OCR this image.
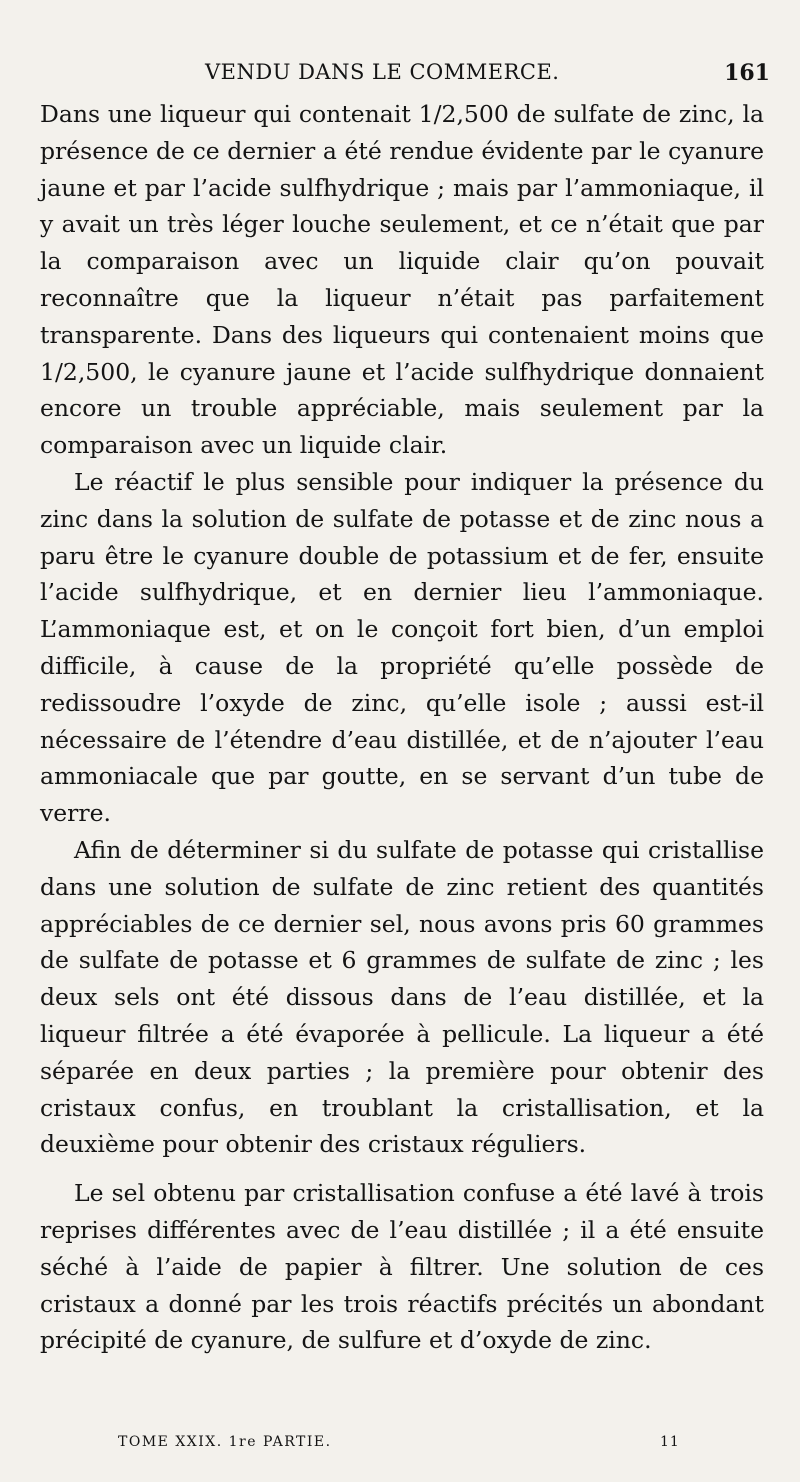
VENDU DANS LE COMMERCE.	161

Dans une liqueur qui contenait 1/2,500 de sulfate de zinc, la présence de ce dernier a été rendue évidente par le cyanure jaune et par l’acide sulfhydrique ; mais par l’ammoniaque, il y avait un très léger louche seulement, et ce n’était que par la comparaison avec un liquide clair qu’on pouvait reconnaître que la liqueur n’était pas parfaitement transparente. Dans des liqueurs qui contenaient moins que 1/2,500, le cyanure jaune et l’acide sulfhydrique donnaient encore un trouble appréciable, mais seulement par la comparaison avec un liquide clair.

Le réactif le plus sensible pour indiquer la présence du zinc dans la solution de sulfate de potasse et de zinc nous a paru être le cyanure double de potassium et de fer, ensuite l’acide sulfhydrique, et en dernier lieu l’ammoniaque. L’ammoniaque est, et on le conçoit fort bien, d’un emploi difficile, à cause de la propriété qu’elle possède de redissoudre l’oxyde de zinc, qu’elle isole ; aussi est-il nécessaire de l’étendre d’eau distillée, et de n’ajouter l’eau ammoniacale que par goutte, en se servant d’un tube de verre.

Afin de déterminer si du sulfate de potasse qui cristallise dans une solution de sulfate de zinc retient des quantités appréciables de ce dernier sel, nous avons pris 60 grammes de sulfate de potasse et 6 grammes de sulfate de zinc ; les deux sels ont été dissous dans de l’eau distillée, et la liqueur filtrée a été évaporée à pellicule. La liqueur a été séparée en deux parties ; la première pour obtenir des cristaux confus, en troublant la cristallisation, et la deuxième pour obtenir des cristaux réguliers.

Le sel obtenu par cristallisation confuse a été lavé à trois reprises différentes avec de l’eau distillée ; il a été ensuite séché à l’aide de papier à filtrer. Une solution de ces cristaux a donné par les trois réactifs précités un abondant précipité de cyanure, de sulfure et d’oxyde de zinc.

TOME XXIX. 1re PARTIE.	11
